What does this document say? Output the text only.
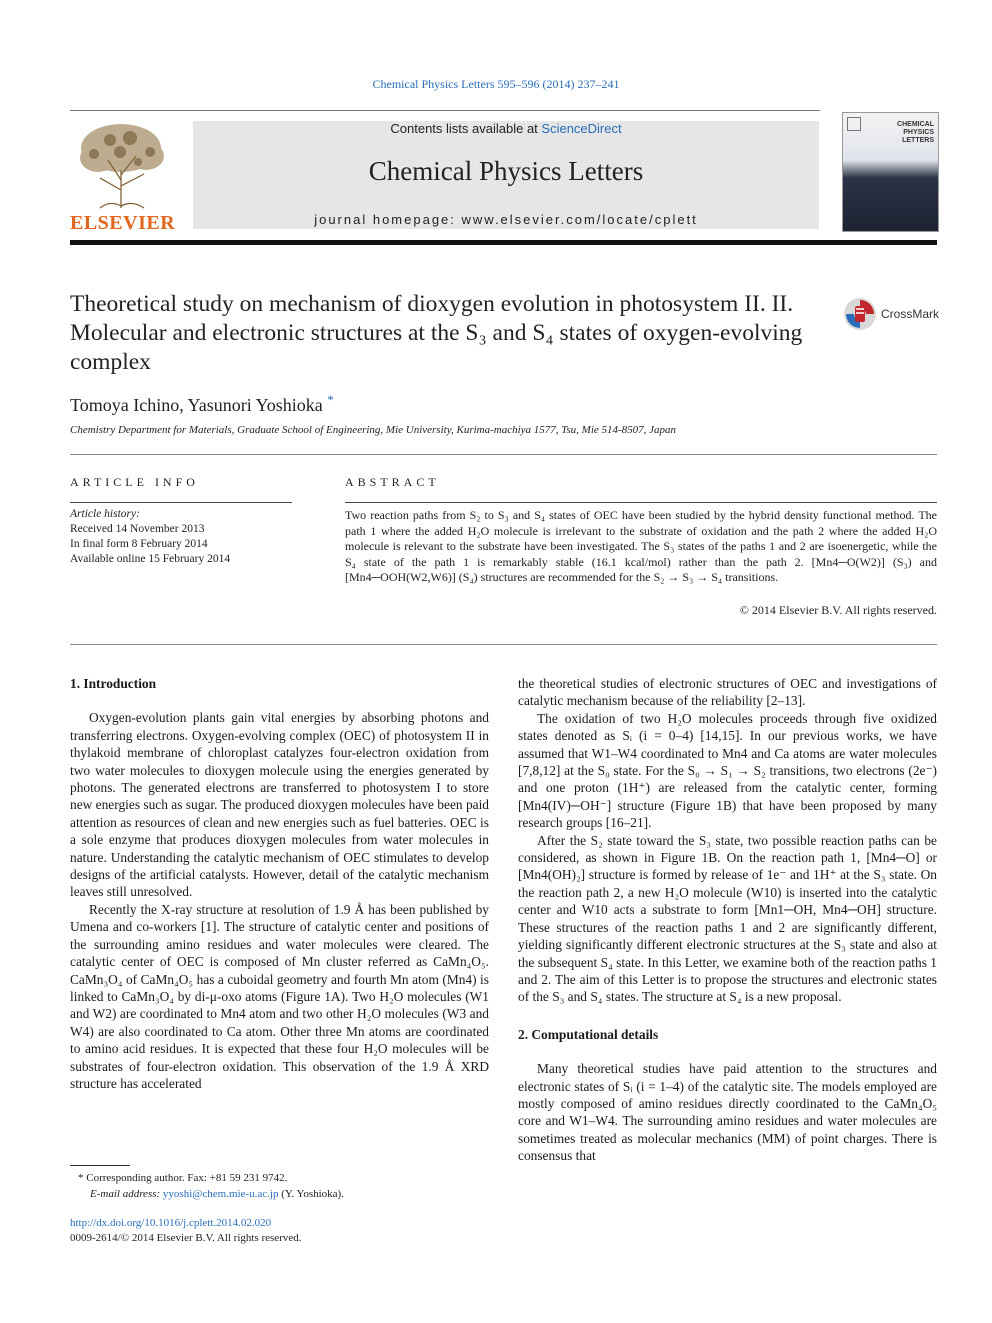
Chemical Physics Letters 595–596 (2014) 237–241
ELSEVIER
Contents lists available at ScienceDirect
Chemical Physics Letters
journal homepage: www.elsevier.com/locate/cplett
CHEMICAL PHYSICS LETTERS
Theoretical study on mechanism of dioxygen evolution in photosystem II. II. Molecular and electronic structures at the S₃ and S₄ states of oxygen-evolving complex
CrossMark
Tomoya Ichino, Yasunori Yoshioka *
Chemistry Department for Materials, Graduate School of Engineering, Mie University, Kurima-machiya 1577, Tsu, Mie 514-8507, Japan
ARTICLE INFO
Article history:
Received 14 November 2013
In final form 8 February 2014
Available online 15 February 2014
ABSTRACT
Two reaction paths from S₂ to S₃ and S₄ states of OEC have been studied by the hybrid density functional method. The path 1 where the added H₂O molecule is irrelevant to the substrate of oxidation and the path 2 where the added H₂O molecule is relevant to the substrate have been investigated. The S₃ states of the paths 1 and 2 are isoenergetic, while the S₄ state of the path 1 is remarkably stable (16.1 kcal/mol) rather than the path 2. [Mn4─O(W2)] (S₃) and [Mn4─OOH(W2,W6)] (S₄) structures are recommended for the S₂ → S₃ → S₄ transitions.
© 2014 Elsevier B.V. All rights reserved.
1. Introduction

Oxygen-evolution plants gain vital energies by absorbing photons and transferring electrons. Oxygen-evolving complex (OEC) of photosystem II in thylakoid membrane of chloroplast catalyzes four-electron oxidation from two water molecules to dioxygen molecule using the energies generated by photons. The generated electrons are transferred to photosystem I to store new energies such as sugar. The produced dioxygen molecules have been paid attention as resources of clean and new energies such as fuel batteries. OEC is a sole enzyme that produces dioxygen molecules from water molecules in nature. Understanding the catalytic mechanism of OEC stimulates to develop designs of the artificial catalysts. However, detail of the catalytic mechanism leaves still unresolved.

Recently the X-ray structure at resolution of 1.9 Å has been published by Umena and co-workers [1]. The structure of catalytic center and positions of the surrounding amino residues and water molecules were cleared. The catalytic center of OEC is composed of Mn cluster referred as CaMn₄O₅. CaMn₃O₄ of CaMn₄O₅ has a cuboidal geometry and fourth Mn atom (Mn4) is linked to CaMn₃O₄ by di-μ-oxo atoms (Figure 1A). Two H₂O molecules (W1 and W2) are coordinated to Mn4 atom and two other H₂O molecules (W3 and W4) are also coordinated to Ca atom. Other three Mn atoms are coordinated to amino acid residues. It is expected that these four H₂O molecules will be substrates of four-electron oxidation. This observation of the 1.9 Å XRD structure has accelerated

the theoretical studies of electronic structures of OEC and investigations of catalytic mechanism because of the reliability [2–13].

The oxidation of two H₂O molecules proceeds through five oxidized states denoted as Sᵢ (i = 0–4) [14,15]. In our previous works, we have assumed that W1–W4 coordinated to Mn4 and Ca atoms are water molecules [7,8,12] at the S₀ state. For the S₀ → S₁ → S₂ transitions, two electrons (2e⁻) and one proton (1H⁺) are released from the catalytic center, forming [Mn4(IV)─OH⁻] structure (Figure 1B) that have been proposed by many research groups [16–21].

After the S₂ state toward the S₃ state, two possible reaction paths can be considered, as shown in Figure 1B. On the reaction path 1, [Mn4─O] or [Mn4(OH)₂] structure is formed by release of 1e⁻ and 1H⁺ at the S₃ state. On the reaction path 2, a new H₂O molecule (W10) is inserted into the catalytic center and W10 acts a substrate to form [Mn1─OH, Mn4─OH] structure. These structures of the reaction paths 1 and 2 are significantly different, yielding significantly different electronic structures at the S₃ state and also at the subsequent S₄ state. In this Letter, we examine both of the reaction paths 1 and 2. The aim of this Letter is to propose the structures and electronic states of the S₃ and S₄ states. The structure at S₄ is a new proposal.

2. Computational details

Many theoretical studies have paid attention to the structures and electronic states of Sᵢ (i = 1–4) of the catalytic site. The models employed are mostly composed of amino residues directly coordinated to the CaMn₄O₅ core and W1–W4. The surrounding amino residues and water molecules are sometimes treated as molecular mechanics (MM) of point charges. There is consensus that

* Corresponding author. Fax: +81 59 231 9742.
E-mail address: yyoshi@chem.mie-u.ac.jp (Y. Yoshioka).
http://dx.doi.org/10.1016/j.cplett.2014.02.020
0009-2614/© 2014 Elsevier B.V. All rights reserved.
